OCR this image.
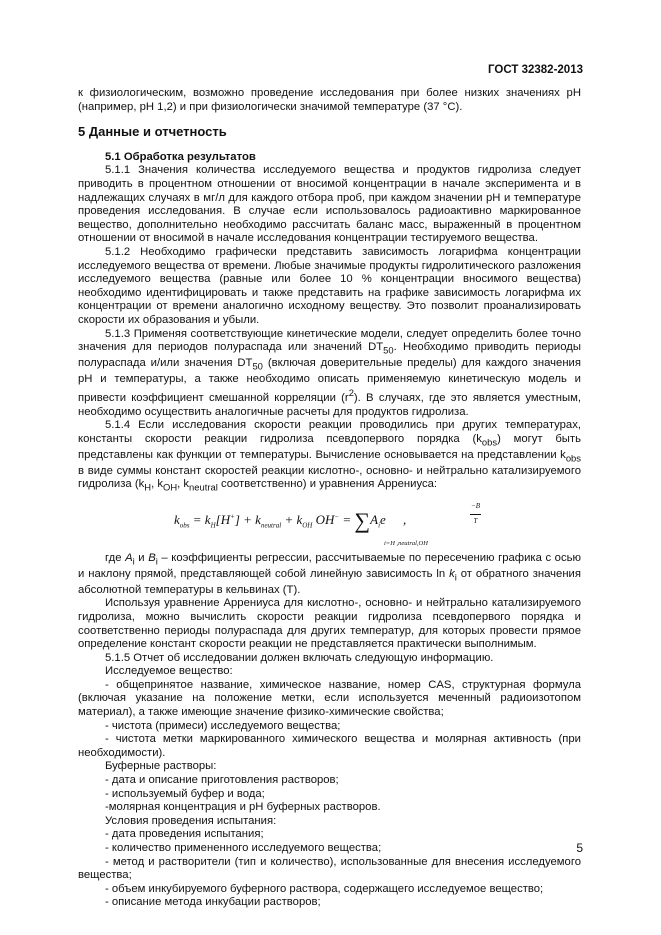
ГОСТ 32382-2013

к физиологическим, возможно проведение исследования при более низких значениях pH (например, pH 1,2) и при физиологически значимой температуре (37 °С).

5 Данные и отчетность

5.1 Обработка результатов

5.1.1 Значения количества исследуемого вещества и продуктов гидролиза следует приводить в процентном отношении от вносимой концентрации в начале эксперимента и в надлежащих случаях в мг/л для каждого отбора проб, при каждом значении pH и температуре проведения исследования. В случае если использовалось радиоактивно маркированное вещество, дополнительно необходимо рассчитать баланс масс, выраженный в процентном отношении от вносимой в начале исследования концентрации тестируемого вещества.

5.1.2 Необходимо графически представить зависимость логарифма концентрации исследуемого вещества от времени. Любые значимые продукты гидролитического разложения исследуемого вещества (равные или более 10 % концентрации вносимого вещества) необходимо идентифицировать и также представить на графике зависимость логарифма их концентрации от времени аналогично исходному веществу. Это позволит проанализировать скорости их образования и убыли.

5.1.3 Применяя соответствующие кинетические модели, следует определить более точно значения для периодов полураспада или значений $DT_{50}$. Необходимо приводить периоды полураспада и/или значения $DT_{50}$ (включая доверительные пределы) для каждого значения pH и температуры, а также необходимо описать применяемую кинетическую модель и привести коэффициент смешанной корреляции $(r^2)$. В случаях, где это является уместным, необходимо осуществить аналогичные расчеты для продуктов гидролиза.

5.1.4 Если исследования скорости реакции проводились при других температурах, константы скорости реакции гидролиза псевдопервого порядка $(k_{obs})$ могут быть представлены как функции от температуры. Вычисление основывается на представлении $k_{obs}$ в виде суммы констант скоростей реакции кислотно-, основно- и нейтрально катализируемого гидролиза ($k_H$, $k_{OH}$, $k_{neutral}$ соответственно) и уравнения Аррениуса:

$k_{obs} = k_H[H^+] + k_{neutral} + k_{OH}$ $OH^- = \sum A_ie$ ,	$\frac{-B}{T}$
i=H ,neutral,OH

где $A_i$ и $B_i$ – коэффициенты регрессии, рассчитываемые по пересечению графика с осью и наклону прямой, представляющей собой линейную зависимость $\ln k_i$ от обратного значения абсолютной температуры в кельвинах (T).

Используя уравнение Аррениуса для кислотно-, основно- и нейтрально катализируемого гидролиза, можно вычислить скорости реакции гидролиза псевдопервого порядка и соответственно периоды полураспада для других температур, для которых провести прямое определение констант скорости реакции не представляется практически выполнимым.

5.1.5 Отчет об исследовании должен включать следующую информацию.

Исследуемое вещество:

- общепринятое название, химическое название, номер CAS, структурная формула (включая указание на положение метки, если используется меченный радиоизотопом материал), а также имеющие значение физико-химические свойства;

- чистота (примеси) исследуемого вещества;

- чистота метки маркированного химического вещества и молярная активность (при необходимости).

Буферные растворы:

- дата и описание приготовления растворов;

- используемый буфер и вода;

-молярная концентрация и pH буферных растворов.

Условия проведения испытания:

- дата проведения испытания;

- количество примененного исследуемого вещества;

- метод и растворители (тип и количество), использованные для внесения исследуемого вещества;

- объем инкубируемого буферного раствора, содержащего исследуемое вещество;

- описание метода инкубации растворов;

5
